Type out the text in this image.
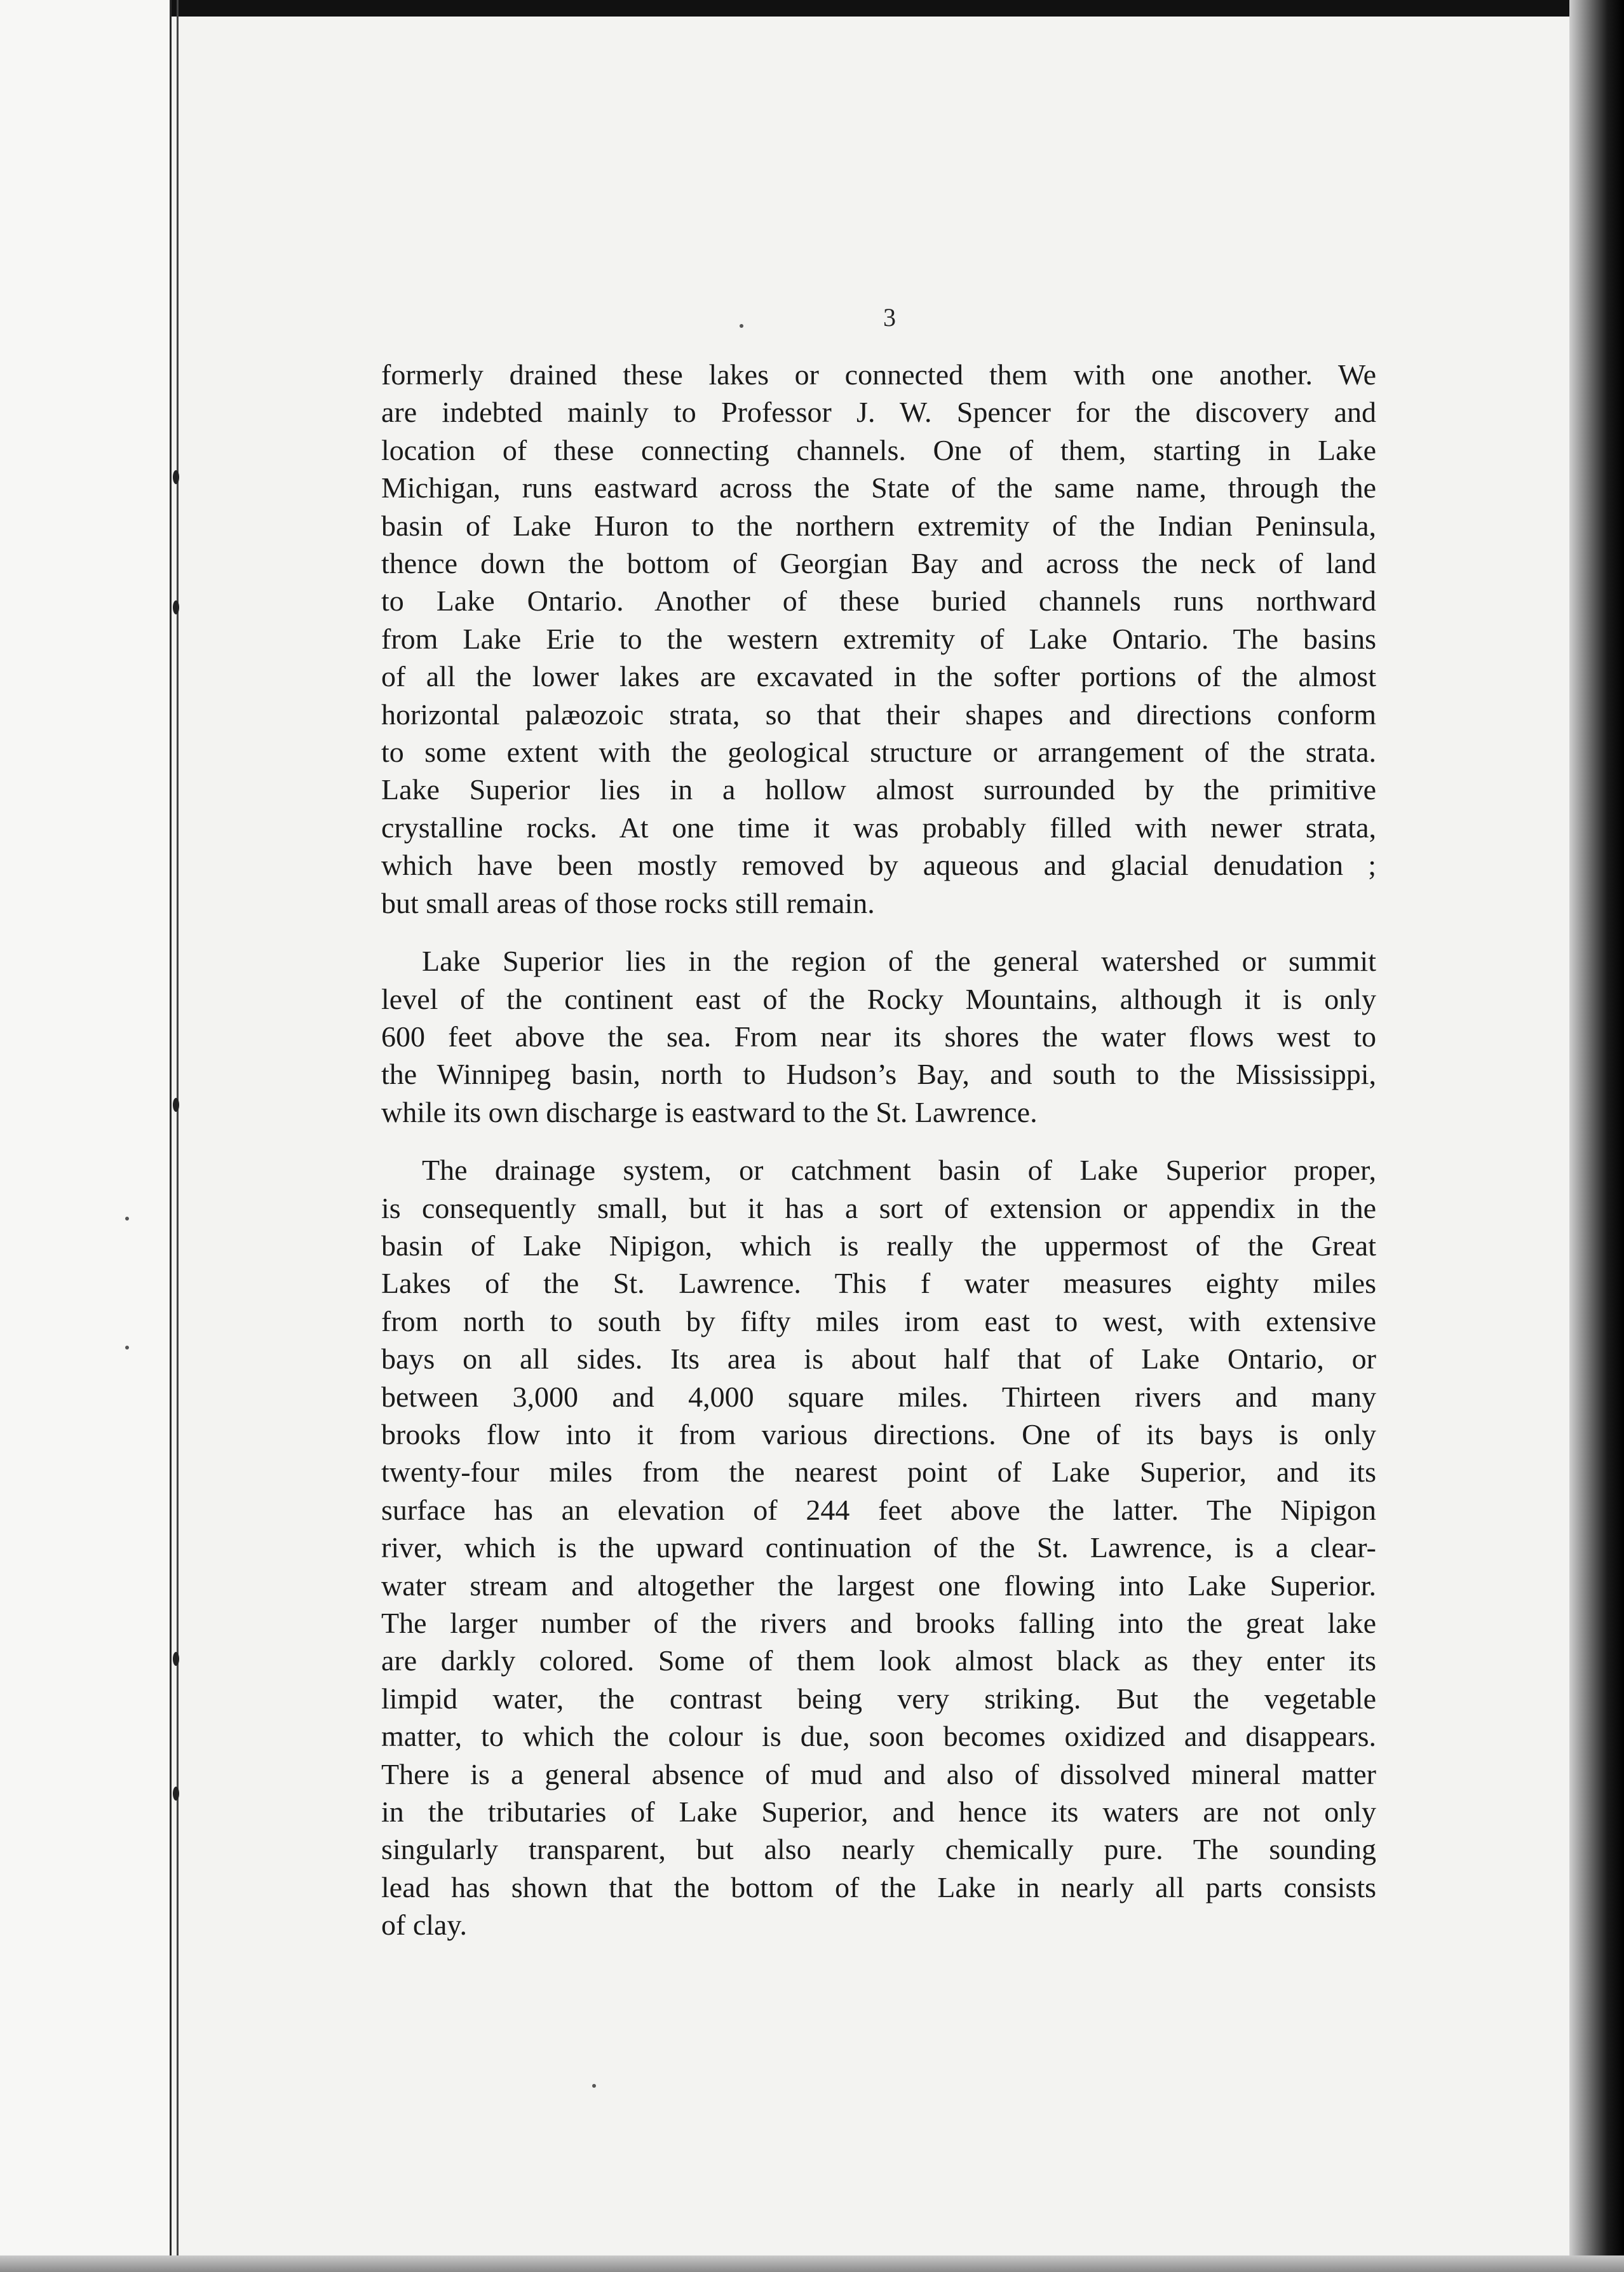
3
formerly drained these lakes or connected them with one another. We
are indebted mainly to Professor J. W. Spencer for the discovery and
location of these connecting channels. One of them, starting in Lake
Michigan, runs eastward across the State of the same name, through the
basin of Lake Huron to the northern extremity of the Indian Peninsula,
thence down the bottom of Georgian Bay and across the neck of land
to Lake Ontario. Another of these buried channels runs northward
from Lake Erie to the western extremity of Lake Ontario. The basins
of all the lower lakes are excavated in the softer portions of the almost
horizontal palæozoic strata, so that their shapes and directions conform
to some extent with the geological structure or arrangement of the strata.
Lake Superior lies in a hollow almost surrounded by the primitive
crystalline rocks. At one time it was probably filled with newer strata,
which have been mostly removed by aqueous and glacial denudation ;
but small areas of those rocks still remain.
Lake Superior lies in the region of the general watershed or summit
level of the continent east of the Rocky Mountains, although it is only
600 feet above the sea. From near its shores the water flows west to
the Winnipeg basin, north to Hudson’s Bay, and south to the Mississippi,
while its own discharge is eastward to the St. Lawrence.
The drainage system, or catchment basin of Lake Superior proper,
is consequently small, but it has a sort of extension or appendix in the
basin of Lake Nipigon, which is really the uppermost of the Great
Lakes of the St. Lawrence. This f water measures eighty miles
from north to south by fifty miles irom east to west, with extensive
bays on all sides. Its area is about half that of Lake Ontario, or
between 3,000 and 4,000 square miles. Thirteen rivers and many
brooks flow into it from various directions. One of its bays is only
twenty-four miles from the nearest point of Lake Superior, and its
surface has an elevation of 244 feet above the latter. The Nipigon
river, which is the upward continuation of the St. Lawrence, is a clear-
water stream and altogether the largest one flowing into Lake Superior.
The larger number of the rivers and brooks falling into the great lake
are darkly colored. Some of them look almost black as they enter its
limpid water, the contrast being very striking. But the vegetable
matter, to which the colour is due, soon becomes oxidized and disappears.
There is a general absence of mud and also of dissolved mineral matter
in the tributaries of Lake Superior, and hence its waters are not only
singularly transparent, but also nearly chemically pure. The sounding
lead has shown that the bottom of the Lake in nearly all parts consists
of clay.
